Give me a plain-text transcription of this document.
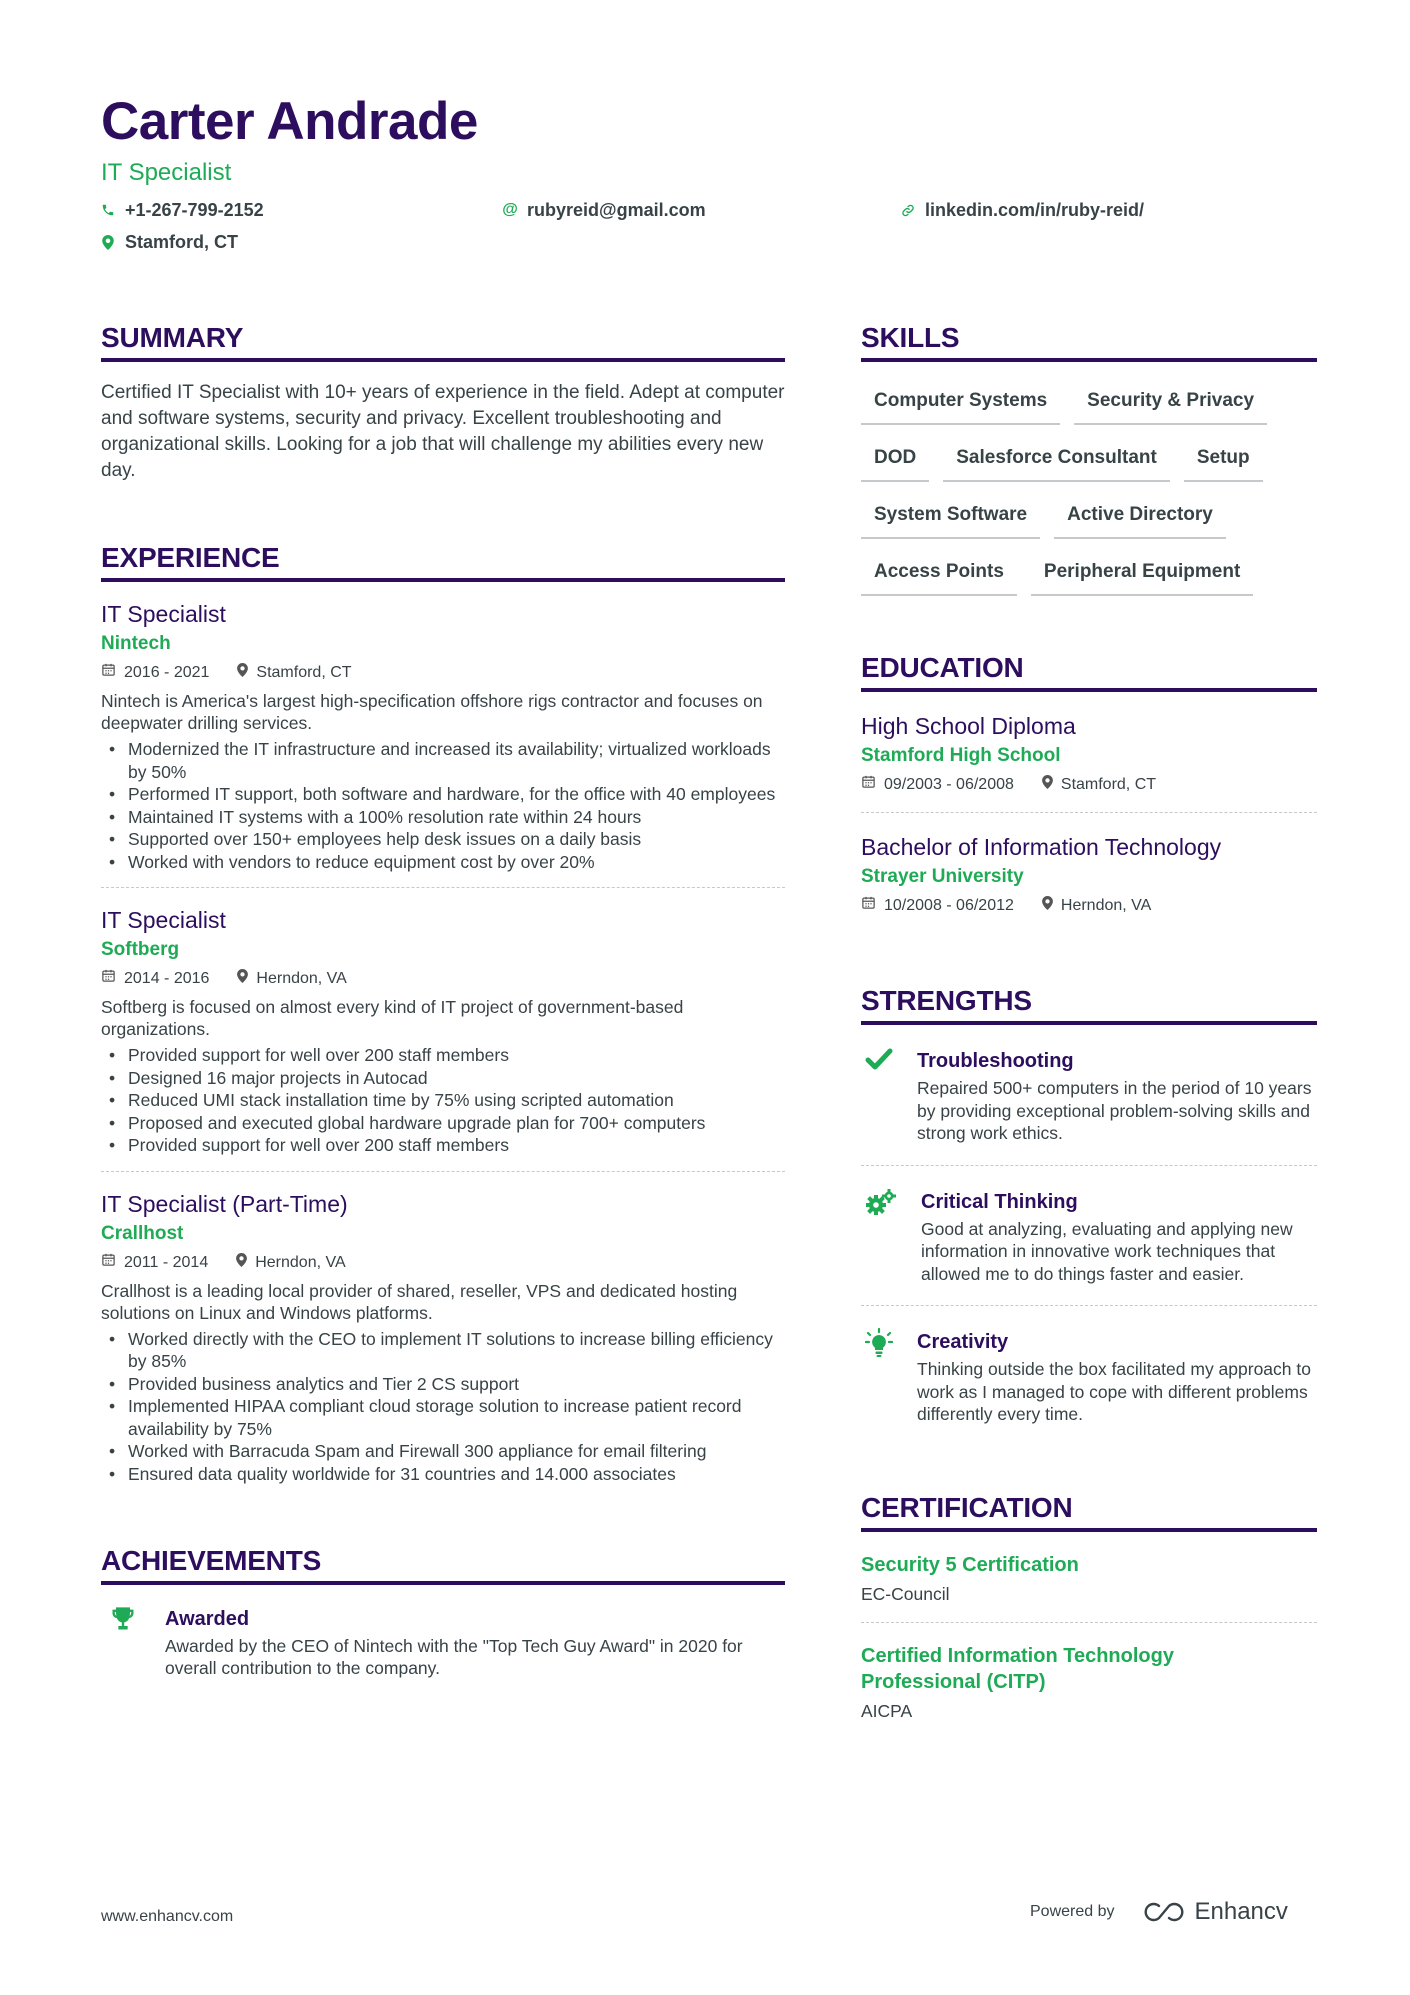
Carter Andrade
IT Specialist
+1-267-799-2152	@ rubyreid@gmail.com	linkedin.com/in/ruby-reid/
Stamford, CT
SUMMARY
Certified IT Specialist with 10+ years of experience in the field. Adept at computer and software systems, security and privacy. Excellent troubleshooting and organizational skills. Looking for a job that will challenge my abilities every new day.
EXPERIENCE
IT Specialist
Nintech
2016 - 2021	Stamford, CT
Nintech is America's largest high-specification offshore rigs contractor and focuses on deepwater drilling services.
• Modernized the IT infrastructure and increased its availability; virtualized workloads by 50%
• Performed IT support, both software and hardware, for the office with 40 employees
• Maintained IT systems with a 100% resolution rate within 24 hours
• Supported over 150+ employees help desk issues on a daily basis
• Worked with vendors to reduce equipment cost by over 20%
IT Specialist
Softberg
2014 - 2016	Herndon, VA
Softberg is focused on almost every kind of IT project of government-based organizations.
• Provided support for well over 200 staff members
• Designed 16 major projects in Autocad
• Reduced UMI stack installation time by 75% using scripted automation
• Proposed and executed global hardware upgrade plan for 700+ computers
• Provided support for well over 200 staff members
IT Specialist (Part-Time)
Crallhost
2011 - 2014	Herndon, VA
Crallhost is a leading local provider of shared, reseller, VPS and dedicated hosting solutions on Linux and Windows platforms.
• Worked directly with the CEO to implement IT solutions to increase billing efficiency by 85%
• Provided business analytics and Tier 2 CS support
• Implemented HIPAA compliant cloud storage solution to increase patient record availability by 75%
• Worked with Barracuda Spam and Firewall 300 appliance for email filtering
• Ensured data quality worldwide for 31 countries and 14.000 associates
ACHIEVEMENTS
Awarded
Awarded by the CEO of Nintech with the "Top Tech Guy Award" in 2020 for overall contribution to the company.
SKILLS
Computer Systems	Security & Privacy
DOD	Salesforce Consultant	Setup
System Software	Active Directory
Access Points	Peripheral Equipment
EDUCATION
High School Diploma
Stamford High School
09/2003 - 06/2008	Stamford, CT
Bachelor of Information Technology
Strayer University
10/2008 - 06/2012	Herndon, VA
STRENGTHS
Troubleshooting
Repaired 500+ computers in the period of 10 years by providing exceptional problem-solving skills and strong work ethics.
Critical Thinking
Good at analyzing, evaluating and applying new information in innovative work techniques that allowed me to do things faster and easier.
Creativity
Thinking outside the box facilitated my approach to work as I managed to cope with different problems differently every time.
CERTIFICATION
Security 5 Certification
EC-Council
Certified Information Technology Professional (CITP)
AICPA
www.enhancv.com	Powered by	Enhancv
